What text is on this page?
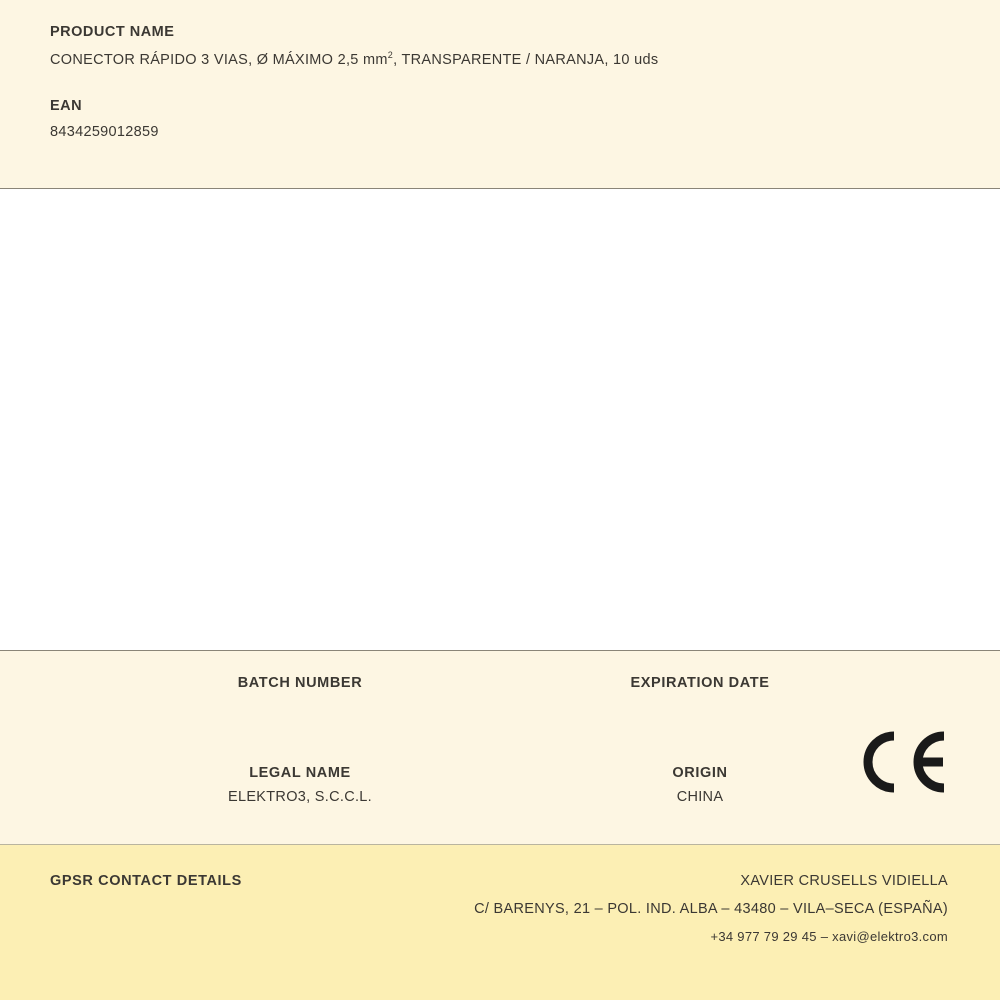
PRODUCT NAME
CONECTOR RÁPIDO 3 VIAS, Ø MÁXIMO 2,5 $mm^2$, TRANSPARENTE / NARANJA, 10 uds
EAN
8434259012859
BATCH NUMBER	EXPIRATION DATE
LEGAL NAME
ELEKTRO3, S.C.C.L.
ORIGIN
CHINA
GPSR CONTACT DETAILS	XAVIER CRUSELLS VIDIELLA
C/ BARENYS, 21 – POL. IND. ALBA – 43480 – VILA–SECA (ESPAÑA)
+34 977 79 29 45 – xavi@elektro3.com
